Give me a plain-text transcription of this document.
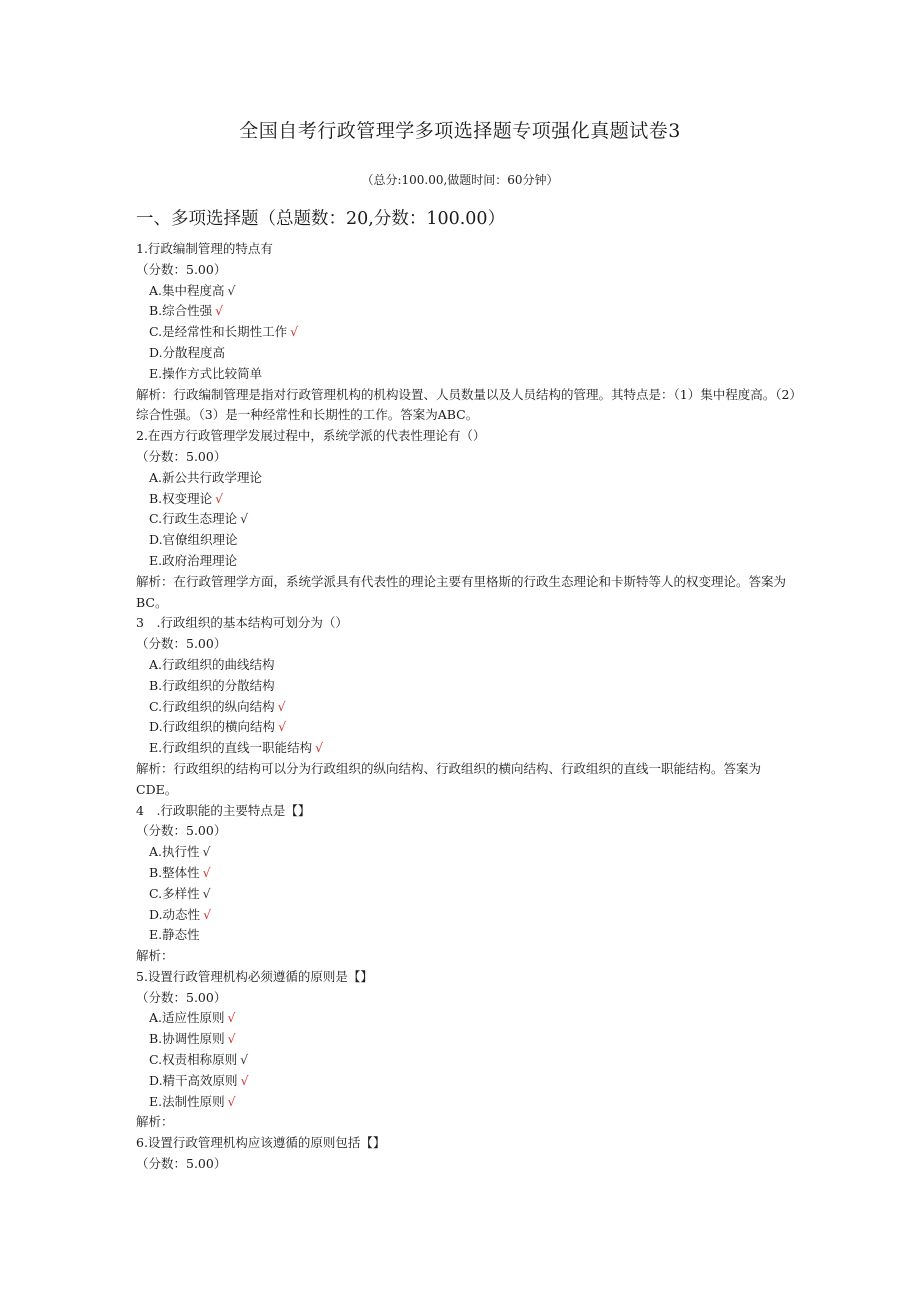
全国自考行政管理学多项选择题专项强化真题试卷3
（总分:100.00,做题时间：60分钟）
一、多项选择题（总题数：20,分数：100.00）
1.行政编制管理的特点有
（分数：5.00）
A.集中程度高 √
B.综合性强 √
C.是经常性和长期性工作 √
D.分散程度高
E.操作方式比较简单
解析：行政编制管理是指对行政管理机构的机构设置、人员数量以及人员结构的管理。其特点是：（1）集中程度高。（2）综合性强。（3）是一种经常性和长期性的工作。答案为ABC。
2.在西方行政管理学发展过程中，系统学派的代表性理论有（）
（分数：5.00）
A.新公共行政学理论
B.权变理论 √
C.行政生态理论 √
D.官僚组织理论
E.政府治理理论
解析：在行政管理学方面，系统学派具有代表性的理论主要有里格斯的行政生态理论和卡斯特等人的权变理论。答案为BC。
3　.行政组织的基本结构可划分为（）
（分数：5.00）
A.行政组织的曲线结构
B.行政组织的分散结构
C.行政组织的纵向结构 √
D.行政组织的横向结构 √
E.行政组织的直线一职能结构 √
解析：行政组织的结构可以分为行政组织的纵向结构、行政组织的横向结构、行政组织的直线一职能结构。答案为CDE。
4　.行政职能的主要特点是【】
（分数：5.00）
A.执行性 √
B.整体性 √
C.多样性 √
D.动态性 √
E.静态性
解析：
5.设置行政管理机构必须遵循的原则是【】
（分数：5.00）
A.适应性原则 √
B.协调性原则 √
C.权责相称原则 √
D.精干高效原则 √
E.法制性原则 √
解析：
6.设置行政管理机构应该遵循的原则包括【】
（分数：5.00）
